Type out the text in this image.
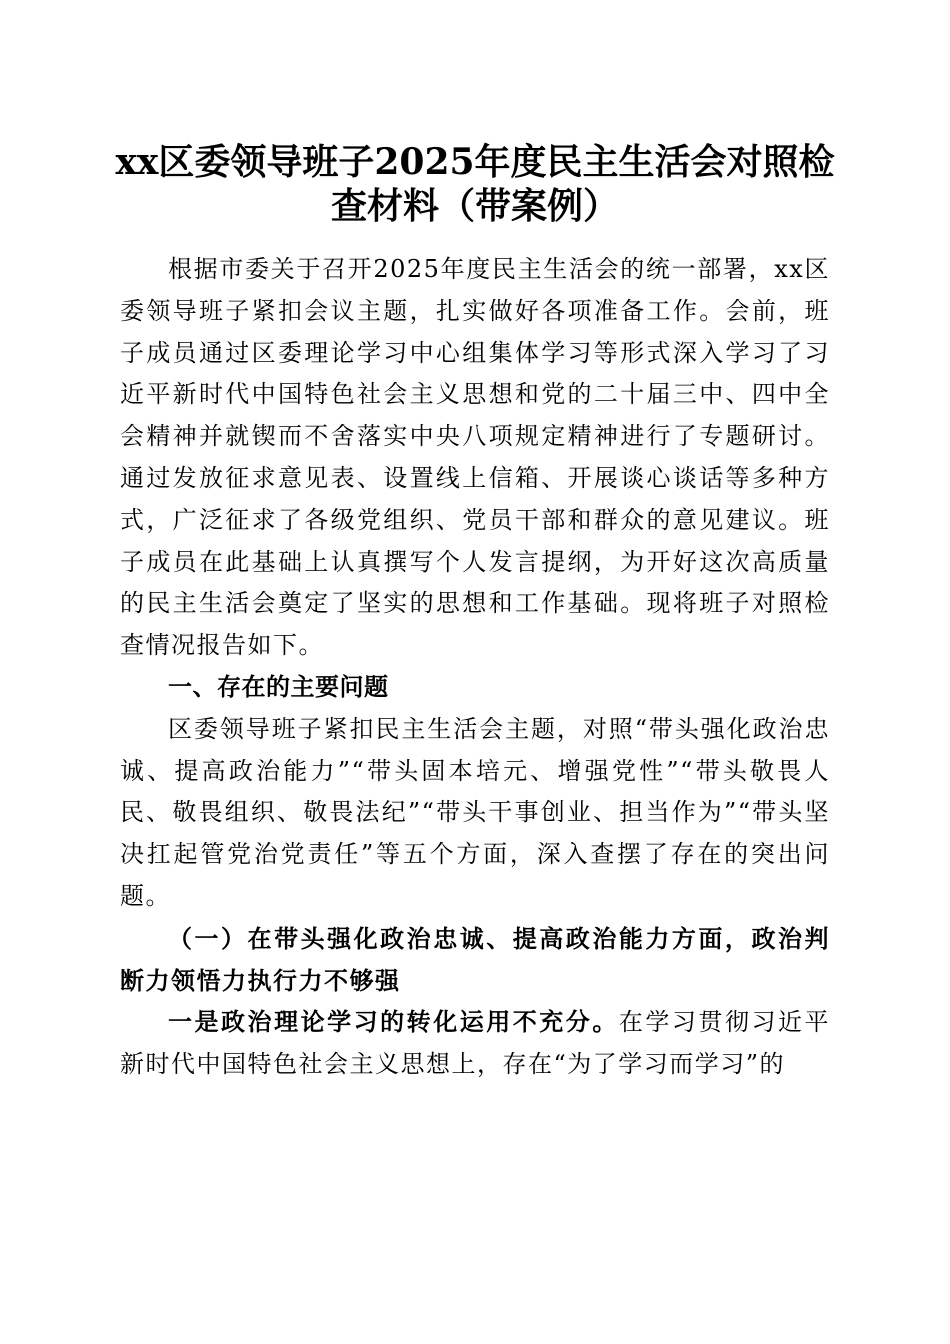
xx区委领导班子2025年度民主生活会对照检
查材料（带案例）

根据市委关于召开2025年度民主生活会的统一部署，xx区委领导班子紧扣会议主题，扎实做好各项准备工作。会前，班子成员通过区委理论学习中心组集体学习等形式深入学习了习近平新时代中国特色社会主义思想和党的二十届三中、四中全会精神并就锲而不舍落实中央八项规定精神进行了专题研讨。通过发放征求意见表、设置线上信箱、开展谈心谈话等多种方式，广泛征求了各级党组织、党员干部和群众的意见建议。班子成员在此基础上认真撰写个人发言提纲，为开好这次高质量的民主生活会奠定了坚实的思想和工作基础。现将班子对照检查情况报告如下。

一、存在的主要问题

区委领导班子紧扣民主生活会主题，对照“带头强化政治忠诚、提高政治能力”“带头固本培元、增强党性”“带头敬畏人民、敬畏组织、敬畏法纪”“带头干事创业、担当作为”“带头坚决扛起管党治党责任”等五个方面，深入查摆了存在的突出问题。

（一）在带头强化政治忠诚、提高政治能力方面，政治判断力领悟力执行力不够强

一是政治理论学习的转化运用不充分。在学习贯彻习近平新时代中国特色社会主义思想上，存在“为了学习而学习”的
